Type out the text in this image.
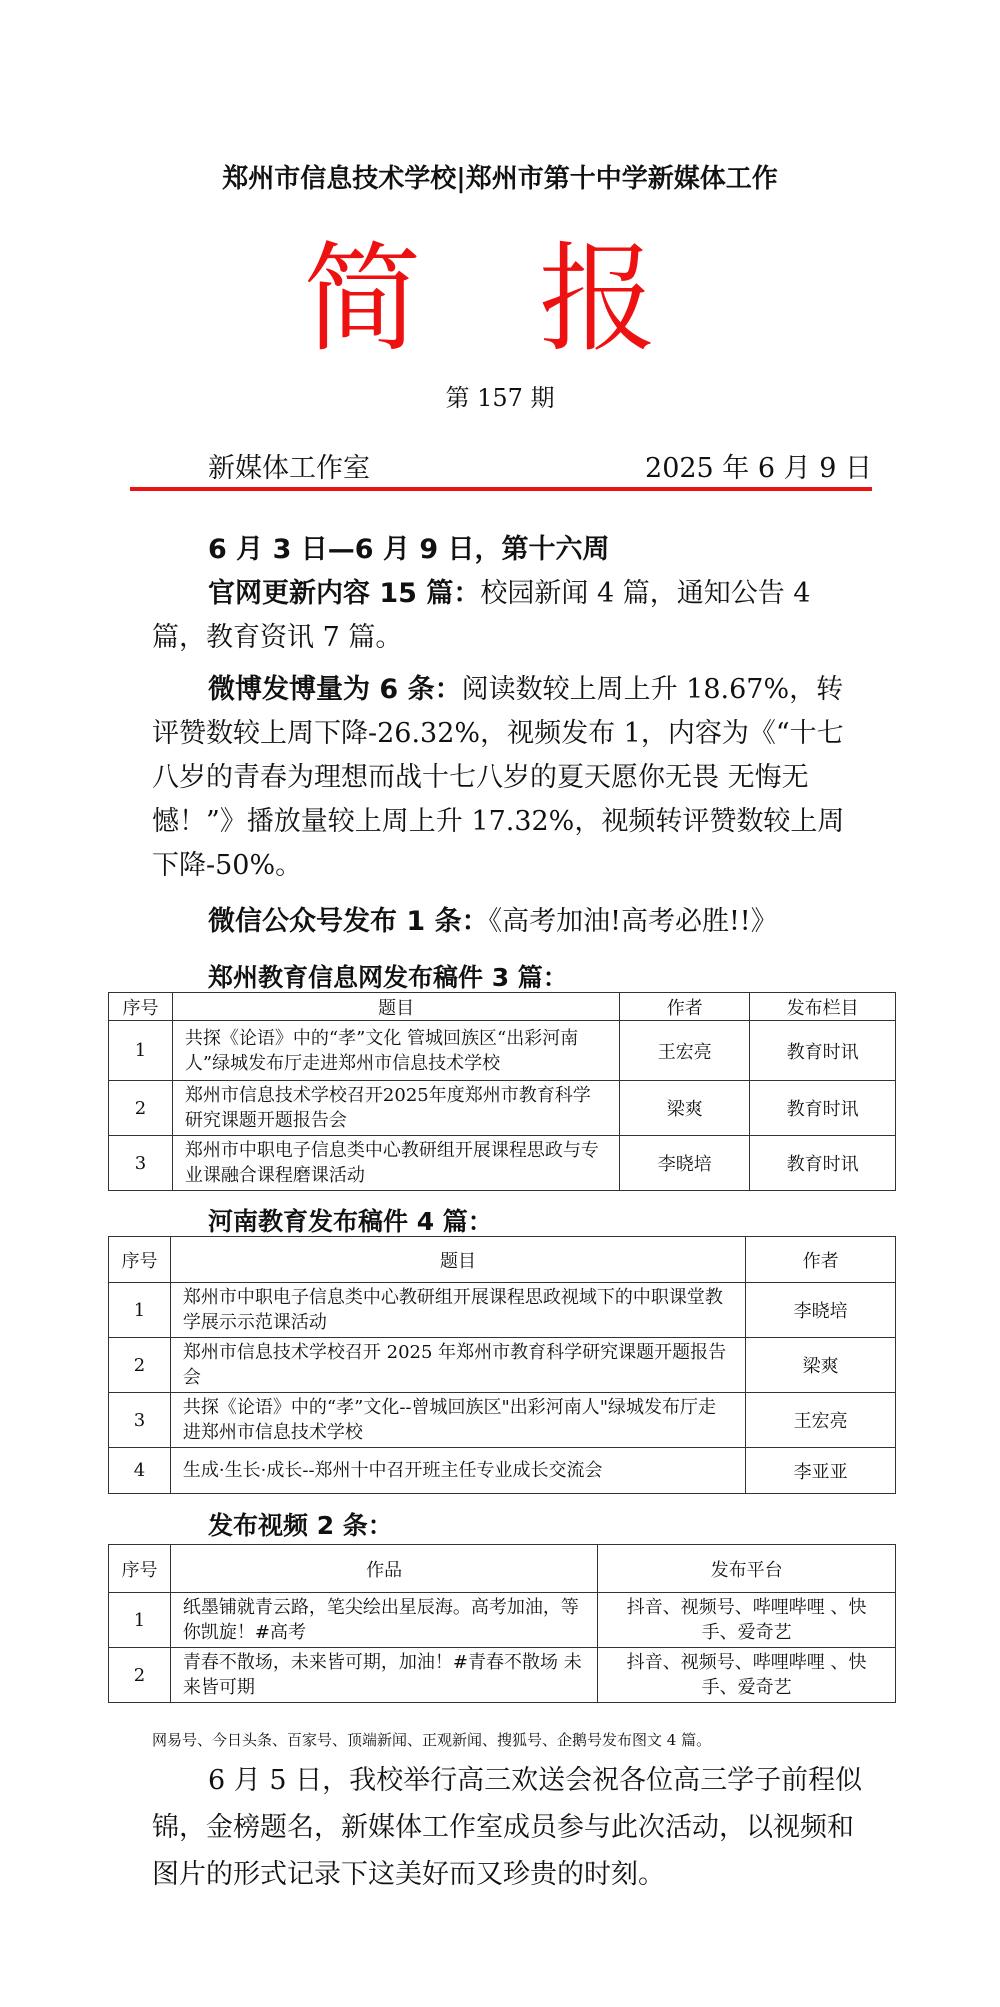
郑州市信息技术学校|郑州市第十中学新媒体工作
简 报
第 157 期
新媒体工作室	2025 年 6 月 9 日
6 月 3 日—6 月 9 日，第十六周
官网更新内容 15 篇：校园新闻 4 篇，通知公告 4 篇，教育资讯 7 篇。
微博发博量为 6 条：阅读数较上周上升 18.67%，转评赞数较上周下降-26.32%，视频发布 1，内容为《“十七八岁的青春为理想而战十七八岁的夏天愿你无畏 无悔无憾！”》播放量较上周上升 17.32%，视频转评赞数较上周下降-50%。
微信公众号发布 1 条：《高考加油!高考必胜!!》
郑州教育信息网发布稿件 3 篇：
序号	题目	作者	发布栏目
1	共探《论语》中的“孝”文化 管城回族区“出彩河南人”绿城发布厅走进郑州市信息技术学校	王宏亮	教育时讯
2	郑州市信息技术学校召开2025年度郑州市教育科学研究课题开题报告会	梁爽	教育时讯
3	郑州市中职电子信息类中心教研组开展课程思政与专业课融合课程磨课活动	李晓培	教育时讯
河南教育发布稿件 4 篇：
序号	题目	作者
1	郑州市中职电子信息类中心教研组开展课程思政视域下的中职课堂教学展示示范课活动	李晓培
2	郑州市信息技术学校召开 2025 年郑州市教育科学研究课题开题报告会	梁爽
3	共探《论语》中的“孝”文化--曾城回族区"出彩河南人"绿城发布厅走进郑州市信息技术学校	王宏亮
4	生成·生长·成长--郑州十中召开班主任专业成长交流会	李亚亚
发布视频 2 条：
序号	作品	发布平台
1	纸墨铺就青云路，笔尖绘出星辰海。高考加油，等你凯旋！#高考	抖音、视频号、哔哩哔哩 、快手、爱奇艺
2	青春不散场，未来皆可期，加油！#青春不散场 未来皆可期	抖音、视频号、哔哩哔哩 、快手、爱奇艺
网易号、今日头条、百家号、顶端新闻、正观新闻、搜狐号、企鹅号发布图文 4 篇。
6 月 5 日，我校举行高三欢送会祝各位高三学子前程似锦，金榜题名，新媒体工作室成员参与此次活动，以视频和图片的形式记录下这美好而又珍贵的时刻。
